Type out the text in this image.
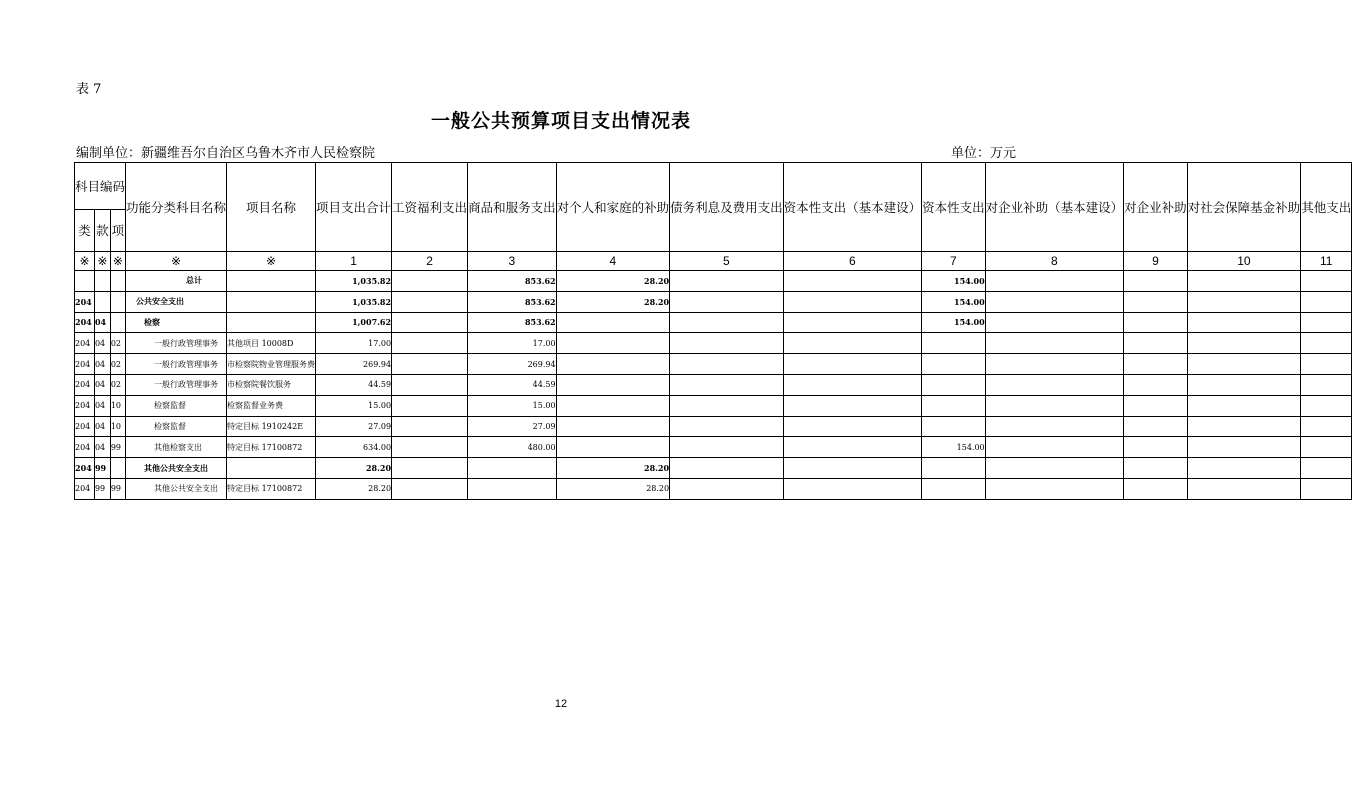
表 7
一般公共预算项目支出情况表
编制单位：新疆维吾尔自治区乌鲁木齐市人民检察院	单位：万元
科目编码			功能分类科目名称	项目名称	项目支出合计	工资福利支出	商品和服务支出	对个人和家庭的补助	债务利息及费用支出	资本性支出（基本建设）	资本性支出	对企业补助（基本建设）	对企业补助	对社会保障基金补助	其他支出
类	款	项													
※	※	※	※	※	1	2	3	4	5	6	7	8	9	10	11
			总计		1,035.82		853.62	28.20			154.00				
204			公共安全支出		1,035.82		853.62	28.20			154.00				
204	04		检察		1,007.62		853.62				154.00				
204	04	02	一般行政管理事务	其他项目 10008D	17.00		17.00								
204	04	02	一般行政管理事务	市检察院物业管理服务费	269.94		269.94								
204	04	02	一般行政管理事务	市检察院餐饮服务	44.59		44.59								
204	04	10	检察监督	检察监督业务费	15.00		15.00								
204	04	10	检察监督	特定目标 1910242E	27.09		27.09								
204	04	99	其他检察支出	特定目标 17100872	634.00		480.00				154.00				
204	99		其他公共安全支出		28.20			28.20							
204	99	99	其他公共安全支出	特定目标 17100872	28.20			28.20							
12
